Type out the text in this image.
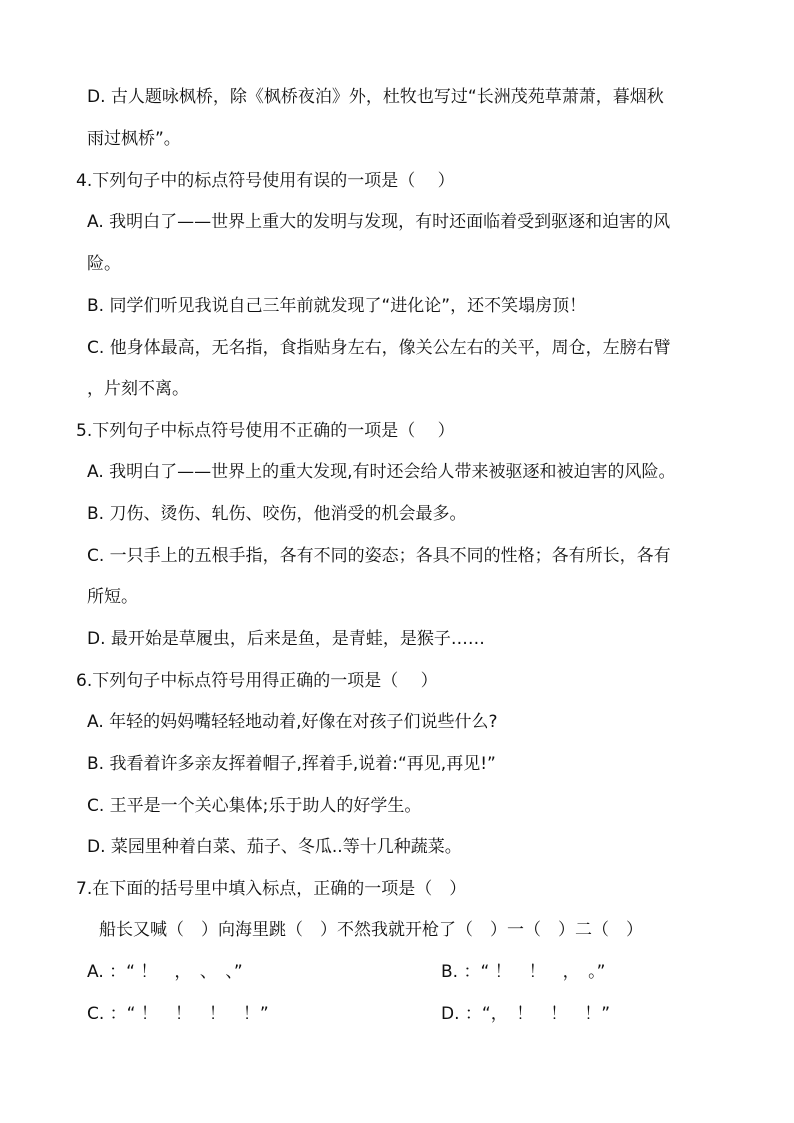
D. 古人题咏枫桥，除《枫桥夜泊》外，杜牧也写过“长洲茂苑草萧萧，暮烟秋
雨过枫桥”。
4.下列句子中的标点符号使用有误的一项是（　 ）
A. 我明白了——世界上重大的发明与发现，有时还面临着受到驱逐和迫害的风
险。
B. 同学们听见我说自己三年前就发现了“进化论”，还不笑塌房顶！
C. 他身体最高，无名指，食指贴身左右，像关公左右的关平，周仓，左膀右臂
，片刻不离。
5.下列句子中标点符号使用不正确的一项是（　 ）
A. 我明白了——世界上的重大发现,有时还会给人带来被驱逐和被迫害的风险。
B. 刀伤、烫伤、轧伤、咬伤，他消受的机会最多。
C. 一只手上的五根手指，各有不同的姿态；各具不同的性格；各有所长，各有
所短。
D. 最开始是草履虫，后来是鱼，是青蛙，是猴子……
6.下列句子中标点符号用得正确的一项是（　 ）
A. 年轻的妈妈嘴轻轻地动着,好像在对孩子们说些什么?
B. 我看着许多亲友挥着帽子,挥着手,说着:“再见,再见!”
C. 王平是一个关心集体;乐于助人的好学生。
D. 菜园里种着白菜、茄子、冬瓜..等十几种蔬菜。
7.在下面的括号里中填入标点，正确的一项是（　）
船长又喊（　）向海里跳（　）不然我就开枪了（　）一（　）二（　）
A. ：“ ！　，　、　、”	B. ：“ ！　！　，　。”
C. ：“ ！　！　！　！”	D. ：“，　！　！　！”
